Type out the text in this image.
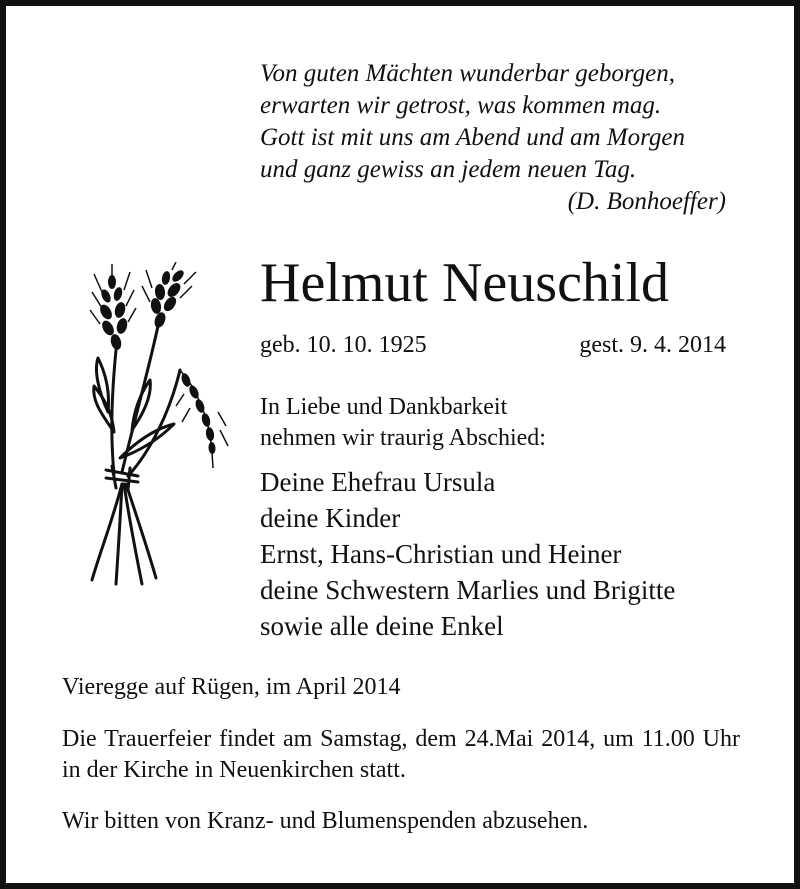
Von guten Mächten wunderbar geborgen,
erwarten wir getrost, was kommen mag.
Gott ist mit uns am Abend und am Morgen
und ganz gewiss an jedem neuen Tag.
(D. Bonhoeffer)
Helmut Neuschild
geb. 10. 10. 1925	gest. 9. 4. 2014
In Liebe und Dankbarkeit
nehmen wir traurig Abschied:
Deine Ehefrau Ursula
deine Kinder
Ernst, Hans-Christian und Heiner
deine Schwestern Marlies und Brigitte
sowie alle deine Enkel
Vieregge auf Rügen, im April 2014
Die Trauerfeier findet am Samstag, dem 24.Mai 2014, um 11.00 Uhr in der Kirche in Neuenkirchen statt.
Wir bitten von Kranz- und Blumenspenden abzusehen.
